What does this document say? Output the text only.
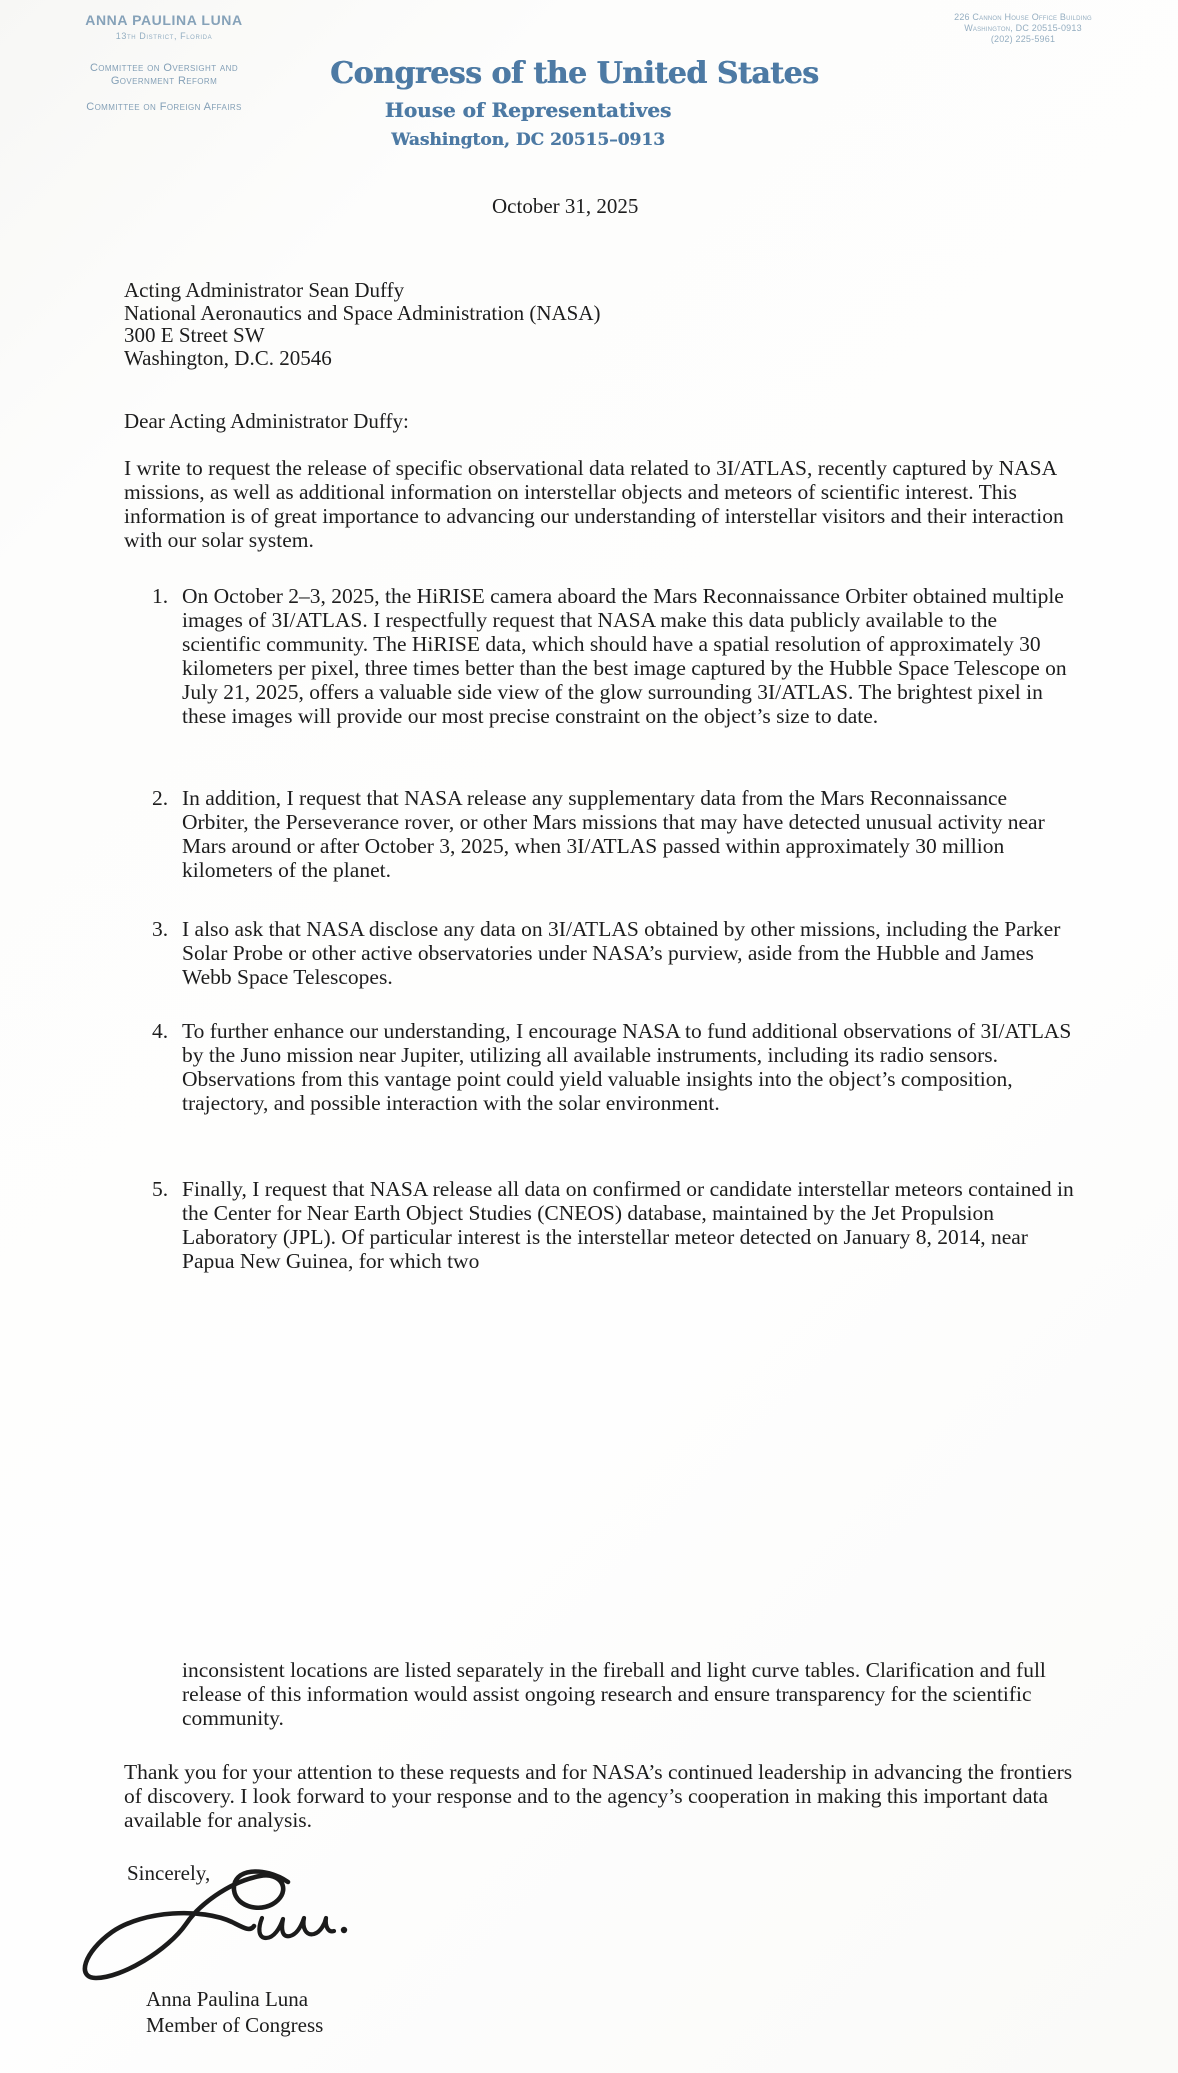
ANNA PAULINA LUNA
13th District, Florida
Committee on Oversight and
Government Reform
Committee on Foreign Affairs
Congress of the United States
House of Representatives
Washington, DC 20515–0913
226 Cannon House Office Building
Washington, DC 20515-0913
(202) 225-5961
October 31, 2025
Acting Administrator Sean Duffy
National Aeronautics and Space Administration (NASA)
300 E Street SW
Washington, D.C. 20546
Dear Acting Administrator Duffy:
I write to request the release of specific observational data related to 3I/ATLAS, recently captured by NASA missions, as well as additional information on interstellar objects and meteors of scientific interest. This information is of great importance to advancing our understanding of interstellar visitors and their interaction with our solar system.
1. On October 2–3, 2025, the HiRISE camera aboard the Mars Reconnaissance Orbiter obtained multiple images of 3I/ATLAS. I respectfully request that NASA make this data publicly available to the scientific community. The HiRISE data, which should have a spatial resolution of approximately 30 kilometers per pixel, three times better than the best image captured by the Hubble Space Telescope on July 21, 2025, offers a valuable side view of the glow surrounding 3I/ATLAS. The brightest pixel in these images will provide our most precise constraint on the object’s size to date.
2. In addition, I request that NASA release any supplementary data from the Mars Reconnaissance Orbiter, the Perseverance rover, or other Mars missions that may have detected unusual activity near Mars around or after October 3, 2025, when 3I/ATLAS passed within approximately 30 million kilometers of the planet.
3. I also ask that NASA disclose any data on 3I/ATLAS obtained by other missions, including the Parker Solar Probe or other active observatories under NASA’s purview, aside from the Hubble and James Webb Space Telescopes.
4. To further enhance our understanding, I encourage NASA to fund additional observations of 3I/ATLAS by the Juno mission near Jupiter, utilizing all available instruments, including its radio sensors. Observations from this vantage point could yield valuable insights into the object’s composition, trajectory, and possible interaction with the solar environment.
5. Finally, I request that NASA release all data on confirmed or candidate interstellar meteors contained in the Center for Near Earth Object Studies (CNEOS) database, maintained by the Jet Propulsion Laboratory (JPL). Of particular interest is the interstellar meteor detected on January 8, 2014, near Papua New Guinea, for which two
inconsistent locations are listed separately in the fireball and light curve tables. Clarification and full release of this information would assist ongoing research and ensure transparency for the scientific community.
Thank you for your attention to these requests and for NASA’s continued leadership in advancing the frontiers of discovery. I look forward to your response and to the agency’s cooperation in making this important data available for analysis.
Sincerely,
Anna Paulina Luna
Member of Congress
